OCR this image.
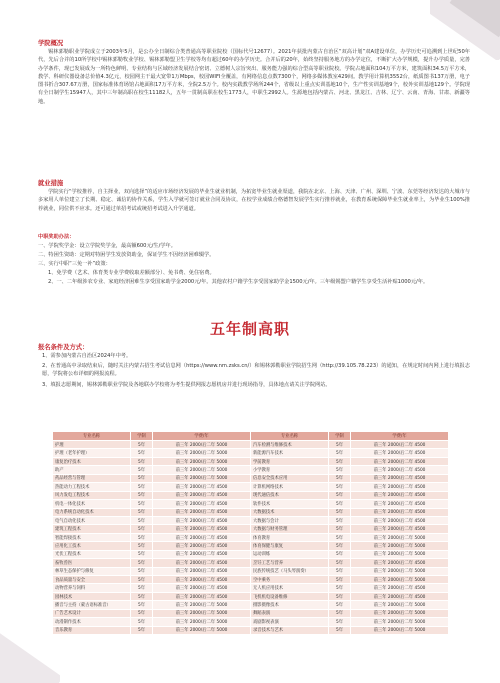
学院概况

锡林郭勒职业学院成立于2003年5月，是公办全日制综合类普通高等职业院校（国标代号12677）。2021年获批内蒙古自治区“双高计划”双A建设单位，办学历史可追溯到上世纪50年代，先后合并的10所学校中锡林郭勒牧业学校、锡林郭勒盟卫生学校等均有超过60年的办学历史。合并后的20年，始终坚持服务地方的办学定位，不断扩大办学规模，提升办学质量，完善办学条件，现已发展成为一所特色鲜明、专业结构与区域经济发展结合密切、立德树人宗旨突出、服务能力强的综合型高等职业院校。学院占地面积104万平方米，建筑面积34.5万平方米，教学、科研仪器设备总价值4.3亿元，校园网主干最大宽带1万Mbps，校园WIFI全覆盖，有网络信息点数7300个，网络多媒体教室429间。教学用计算机3552台，纸质图书137万册，电子图书折合307.67万册，国家标准体育场馆占地面积17万平方米，全院2.5万个。校内实践教学场所244个，省级以上重点实训基地10个，生产性实训基地9个，校外实训基地129个。学院现有全日制学生15947人，其中三年制高职在校生11182人，五年一贯制高职在校生1773人，中职生2992人。生源地包括内蒙古、河北、黑龙江、吉林、辽宁、云南、青海、甘肃、新疆等地。

就业措施

学院实行“学校推荐，自主择业，双向选择”的适应市场经济发展的毕业生就业机制，为拓宽毕业生就业渠道，我院在北京、上海、天津、广州、深圳、宁波、东莞等经济发达的大城市与多家用人单位建立了长期、稳定、诚信的协作关系，学生入学就可签订就业合同及协议，在校学业成绩合格德智发展学生实行推荐就业，在教育系统保障毕业生就业率上，为毕业生100%推荐就业，同位供不应求。还可通过单招考试或统招考试进入升学通道。

中职奖助办法：
一、学院奖学金：设立学院奖学金，最高额600元/生/学年。
二、特困生资助：定期对特困学生发放资助金，保证学生不因经济困难辍学。
三、实行中职“三免一补”政策：
1、免学费（艺术、体育类专业学费收取差额部分）、免书费、免住宿费。
2、一、二年级涉农专业、家庭经济困难生享受国家助学金2000元/年。其他农村户籍学生享受国家助学金1500元/年。三年级锡盟户籍学生享受生活补贴1000元/年。
五年制高职
报名条件及方式：
1、需参加内蒙古自治区2024年中考。
2、在普通高中录取结束后，随时关注内蒙古招生考试信息网（https://www.nm.zsks.cn/）和锡林郭勒职业学院招生网（http://39.105.78.223）的通知，在规定时间内网上进行填报志愿，学院将公布详细的网报流程。
3、填报志愿期间，锡林郭勒职业学院及各地联办学校将为考生提供网报志愿机房并进行现场指导，具体地点请关注学院网站。
专业名称	学制	学费/年	专业名称	学制	学费/年
护理	5年	前三年 2000/后二年 5000	汽车检测与维修技术	5年	前三年 2000/后二年 4500
护理（老年护理）	5年	前三年 2000/后二年 5000	新能源汽车技术	5年	前三年 2000/后二年 4500
康复治疗技术	5年	前三年 2000/后二年 5000	学前教育	5年	前三年 2000/后二年 4500
助产	5年	前三年 2000/后二年 5000	小学教育	5年	前三年 2000/后二年 4500
药品经营与管理	5年	前三年 2000/后二年 5000	信息安全技术应用	5年	前三年 2000/后二年 4500
热能动力工程技术	5年	前三年 2000/后二年 4500	计算机网络技术	5年	前三年 2000/后二年 4500
风力发电工程技术	5年	前三年 2000/后二年 4500	现代通信技术	5年	前三年 2000/后二年 4500
机电一体化技术	5年	前三年 2000/后二年 4500	软件技术	5年	前三年 2000/后二年 4500
电力系统自动化技术	5年	前三年 2000/后二年 4500	大数据技术	5年	前三年 2000/后二年 4500
电气自动化技术	5年	前三年 2000/后二年 4500	大数据与会计	5年	前三年 2000/后二年 4500
建筑工程技术	5年	前三年 2000/后二年 4500	大数据与财务管理	5年	前三年 2000/后二年 4500
智能焊接技术	5年	前三年 2000/后二年 4500	体育教育	5年	前三年 2000/后二年 5000
应用化工技术	5年	前三年 2000/后二年 4500	体育保健与康复	5年	前三年 2000/后二年 5000
光伏工程技术	5年	前三年 2000/后二年 4500	运动训练	5年	前三年 2000/后二年 5000
畜牧兽医	5年	前三年 2000/后二年 4500	烹饪工艺与营养	5年	前三年 2000/后二年 4500
林草生态保护与修复	5年	前三年 2000/后二年 4500	民族传统技艺（马头琴演奏）	5年	前三年 2000/后二年 5000
食品质量与安全	5年	前三年 2000/后二年 4500	空中乘务	5年	前三年 2000/后二年 5000
动物营养与饲料	5年	前三年 2000/后二年 4500	无人机应用技术	5年	前三年 2000/后二年 4500
园林技术	5年	前三年 2000/后二年 4500	飞机机电设备维修	5年	前三年 2000/后二年 4500
播音与主持（蒙古语标准音）	5年	前三年 2000/后二年 5000	摄影摄像技术	5年	前三年 2000/后二年 5000
广告艺术设计	5年	前三年 2000/后二年 5000	舞蹈表演	5年	前三年 2000/后二年 5000
动漫制作技术	5年	前三年 2000/后二年 5000	戏剧影视表演	5年	前三年 2000/后二年 5000
音乐教育	5年	前三年 2000/后二年 5000	录音技术与艺术	5年	前三年 2000/后二年 5000
